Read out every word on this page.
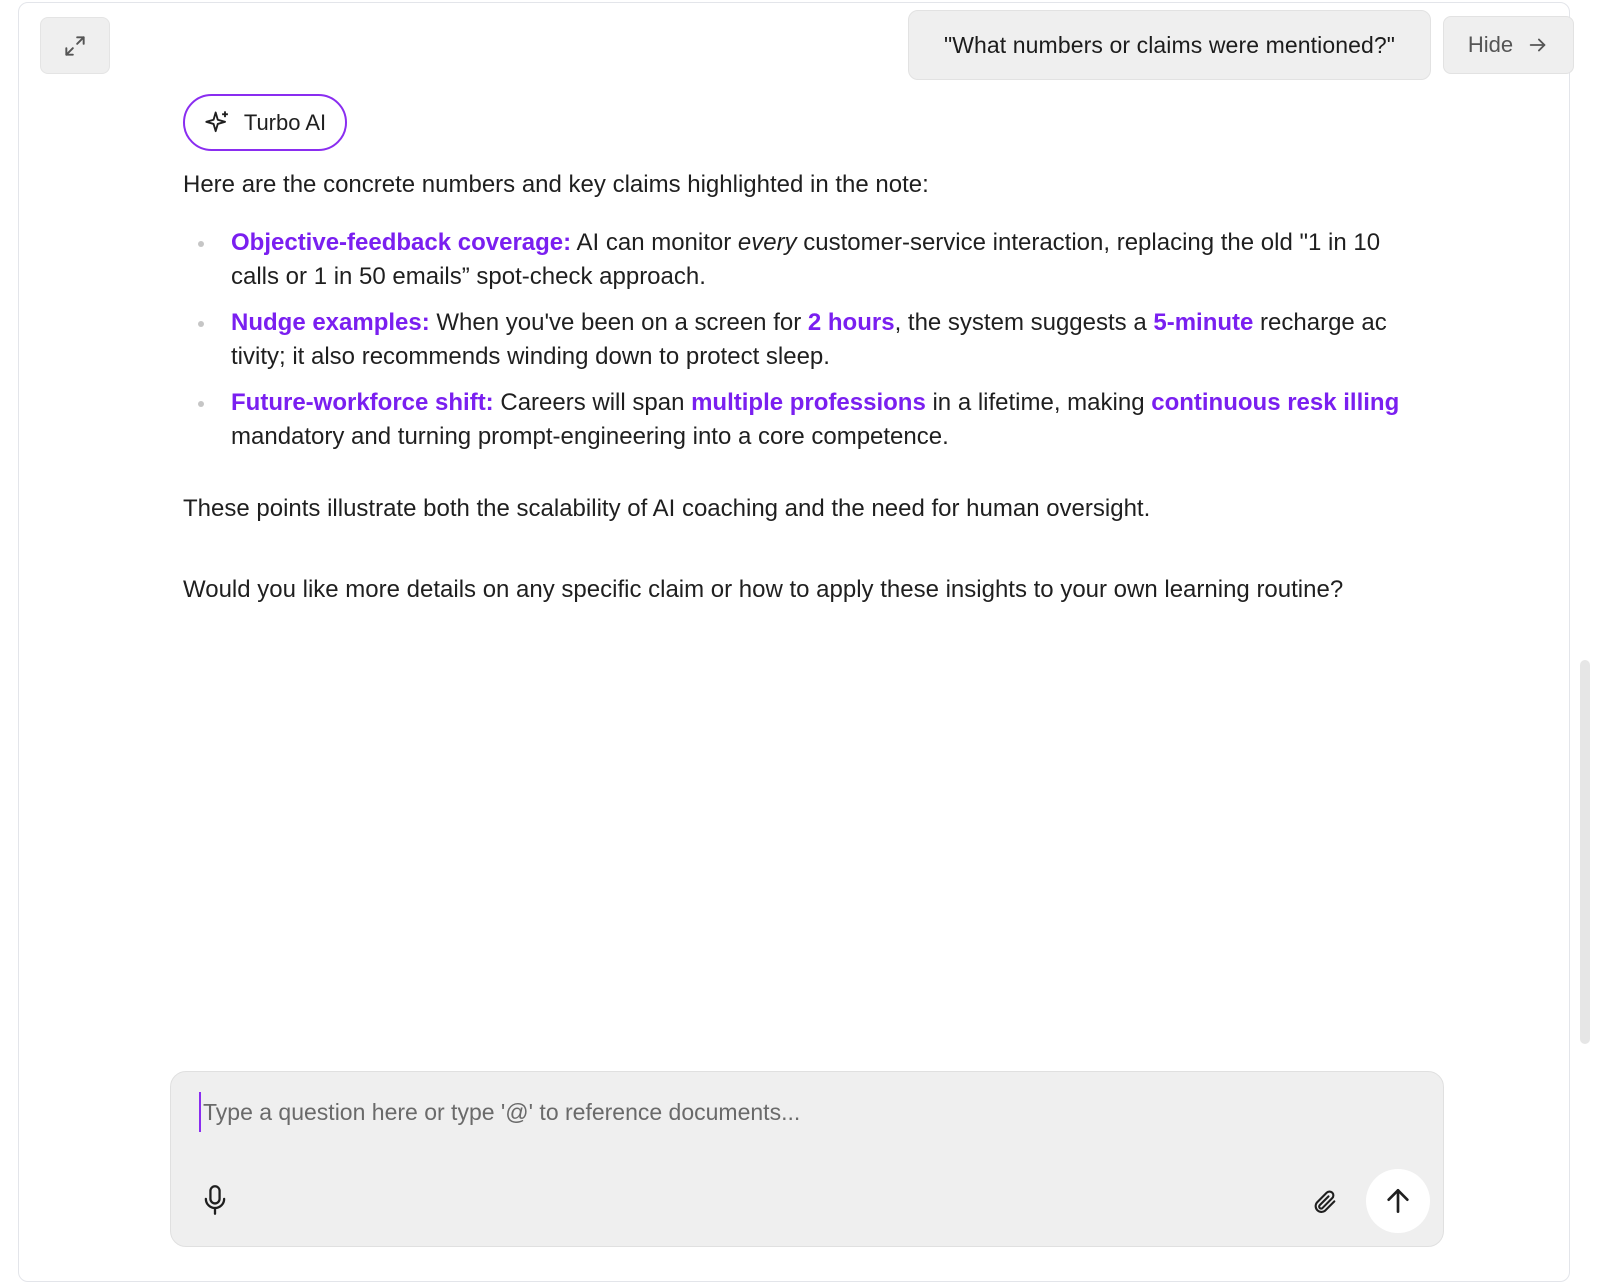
"What numbers or claims were mentioned?"	Hide
Turbo AI

Here are the concrete numbers and key claims highlighted in the note:

Objective-feedback coverage: AI can monitor every customer-service interaction, replacing the old "1 in 10 calls or 1 in 50 emails” spot-check approach.
Nudge examples: When you've been on a screen for 2 hours, the system suggests a 5-minute recharge ac tivity; it also recommends winding down to protect sleep.
Future-workforce shift: Careers will span multiple professions in a lifetime, making continuous resk illing mandatory and turning prompt-engineering into a core competence.

These points illustrate both the scalability of AI coaching and the need for human oversight.

Would you like more details on any specific claim or how to apply these insights to your own learning routine?

Type a question here or type '@' to reference documents...
